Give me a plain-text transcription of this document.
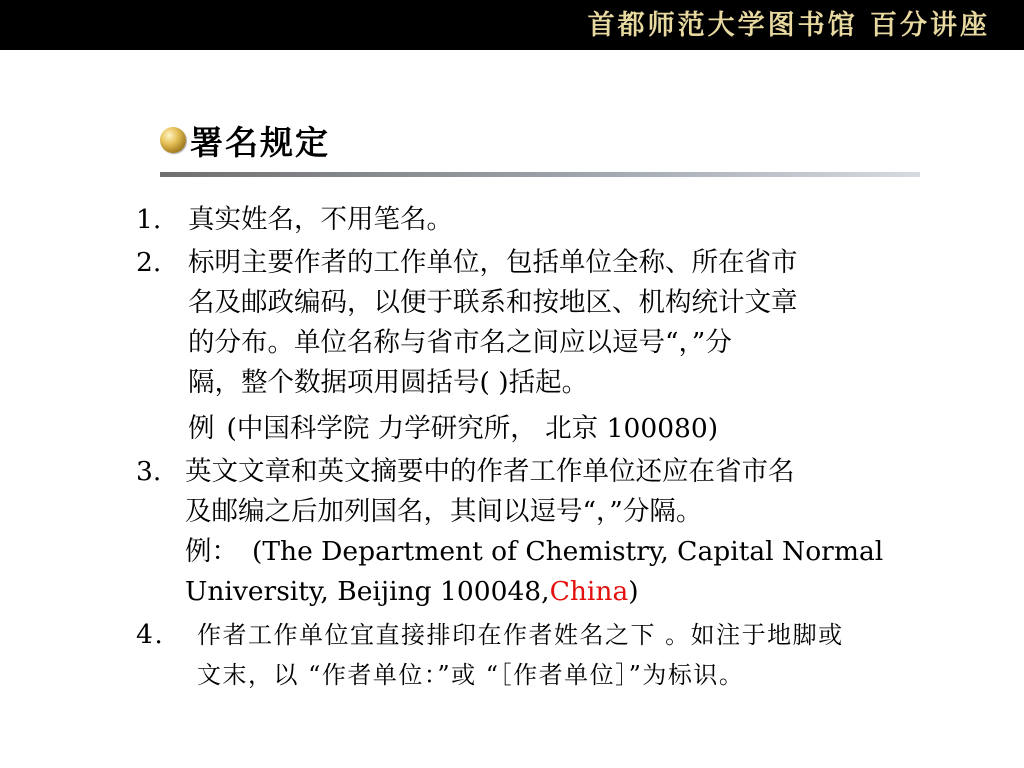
首都师范大学图书馆 百分讲座
署名规定
1. 真实姓名，不用笔名。
2. 标明主要作者的工作单位，包括单位全称、所在省市
名及邮政编码，以便于联系和按地区、机构统计文章
的分布。单位名称与省市名之间应以逗号“，”分
隔，整个数据项用圆括号( )括起。
例 (中国科学院 力学研究所， 北京 100080)
3. 英文文章和英文摘要中的作者工作单位还应在省市名
及邮编之后加列国名，其间以逗号“，”分隔。
例： (The Department of Chemistry, Capital Normal
University, Beijing 100048,China)
4. 作者工作单位宜直接排印在作者姓名之下 。如注于地脚或
文末，以 “作者单位：”或 “［作者单位］”为标识。
